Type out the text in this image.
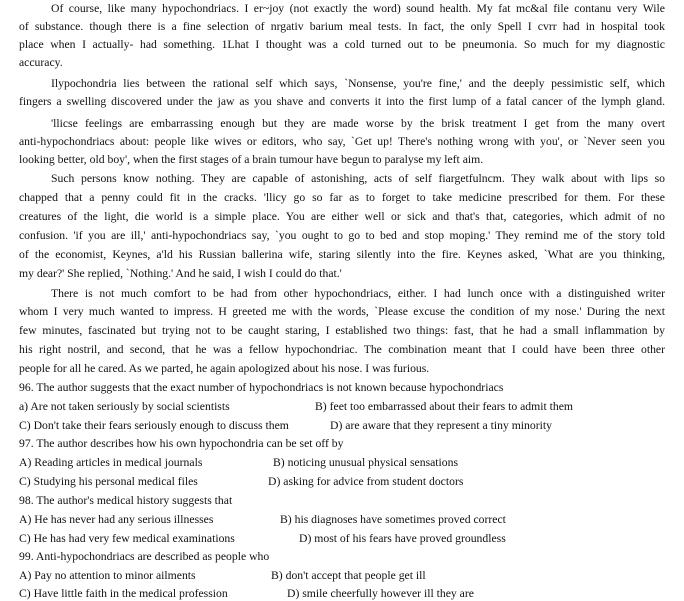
Of course, like many hypochondriacs. I er~joy (not exactly the word) sound health. My fat mc&al file contanu very Wile
of substance. though there is a fine selection of nrgativ barium meal tests. In fact, the only Spell I cvrr had in hospital took
place when I actually- had something. 1Lhat I thought was a cold turned out to be pneumonia. So much for my diagnostic
accuracy.
Ilypochondria lies between the rational self which says, `Nonsense, you're fine,' and the deeply pessimistic self, which
fingers a swelling discovered under the jaw as you shave and converts it into the first lump of a fatal cancer of the lymph gland.
'llicse feelings are embarrassing enough but they are made worse by the brisk treatment I get from the many overt
anti-hypochondriacs about: people like wives or editors, who say, `Get up! There's nothing wrong with you', or `Never seen you
looking better, old boy', when the first stages of a brain tumour have begun to paralyse my left aim.
Such persons know nothing. They are capable of astonishing, acts of self fiargetfulncm. They walk about with lips so
chapped that a penny could fit in the cracks. 'llicy go so far as to forget to take medicine prescribed for them. For these
creatures of the light, die world is a simple place. You are either well or sick and that's that, categories, which admit of no
confusion. 'if you are ill,' anti-hypochondriacs say, `you ought to go to bed and stop moping.' They remind me of the story told
of the economist, Keynes, a'ld his Russian ballerina wife, staring silently into the fire. Keynes asked, `What are you thinking,
my dear?' She replied, `Nothing.' And he said, I wish I could do that.'
There is not much comfort to be had from other hypochondriacs, either. I had lunch once with a distinguished writer
whom I very much wanted to impress. H greeted me with the words, `Please excuse the condition of my nose.' During the next
few minutes, fascinated but trying not to be caught staring, I established two things: fast, that he had a small inflammation by
his right nostril, and second, that he was a fellow hypochondriac. The combination meant that I could have been three other
people for all he cared. As we parted, he again apologized about his nose. I was furious.
96. The author suggests that the exact number of hypochondriacs is not known because hypochondriacs
a) Are not taken seriously by social scientists	B) feet too embarrassed about their fears to admit them
C) Don't take their fears seriously enough to discuss them	D) are aware that they represent a tiny minority
97. The author describes how his own hypochondria can be set off by
A) Reading articles in medical journals	B) noticing unusual physical sensations
C) Studying his personal medical files	D) asking for advice from student doctors
98. The author's medical history suggests that
A) He has never had any serious illnesses	B) his diagnoses have sometimes proved correct
C) He has had very few medical examinations	D) most of his fears have proved groundless
99. Anti-hypochondriacs are described as people who
A) Pay no attention to minor ailments	B) don't accept that people get ill
C) Have little faith in the medical profession	D) smile cheerfully however ill they are
